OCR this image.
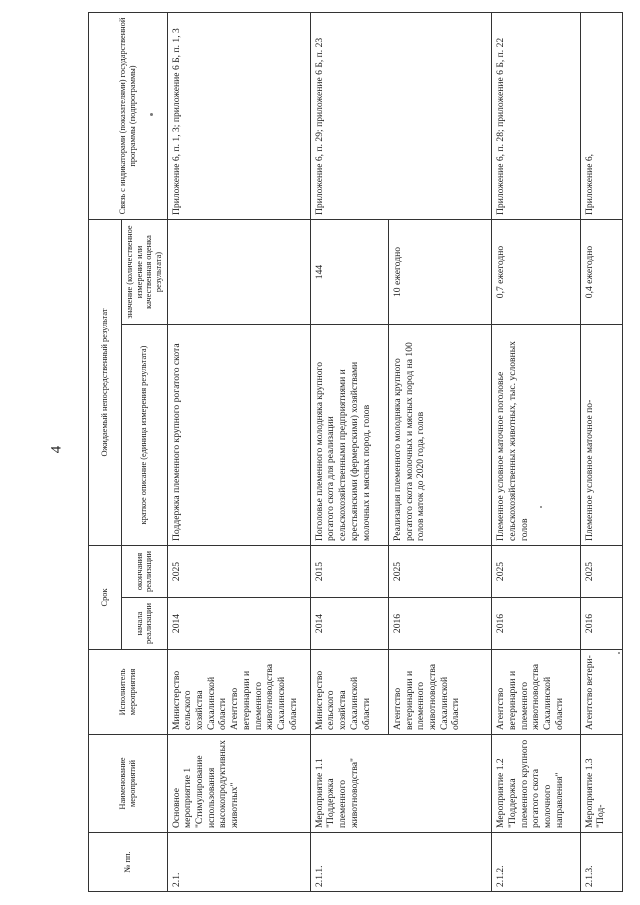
4
№ пп.	Наименование мероприятий	Исполнитель мероприятия	Срок		Ожидаемый непосредственный результат		Связь с индикаторами (показателями) государственной программы (подпрограммы)
			начала реализации	окончания реализации	краткое описание (единица измерения результата)	значение (количественное измерение или качественная оценка результата)	
2.1.	Основное мероприятие 1 "Стимулирование использования высокопродуктивных животных"	Министерство сельского хозяйства Сахалинской области Агентство ветеринарии и племенного животноводства Сахалинской области	2014	2025	Поддержка племенного крупного рогатого скота		Приложение 6, п. 1, 3; приложение 6 Б, п. 1, 3
2.1.1.	Мероприятие 1.1 "Поддержка племенного животноводства"	Министерство сельского хозяйства Сахалинской области	2014	2015	Поголовье племенного молодняка крупного рогатого скота для реализации сельскохозяйственными предприятиями и крестьянскими (фермерскими) хозяйствами молочных и мясных пород, голов	144	Приложение 6, п. 29; приложение 6 Б, п. 23
		Агентство ветеринарии и племенного животноводства Сахалинской области	2016	2025	Реализация племенного молодняка крупного рогатого скота молочных и мясных пород на 100 голов маток до 2020 года, голов	10 ежегодно	
2.1.2.	Мероприятие 1.2 "Поддержка племенного крупного рогатого скота молочного направления"	Агентство ветеринарии и племенного животноводства Сахалинской области	2016	2025	Племенное условное маточное поголовье сельскохозяйственных животных, тыс. условных голов	0,7 ежегодно	Приложение 6, п. 28; приложение 6 Б, п. 22
2.1.3.	Мероприятие 1.3 "Под-	Агентство ветери-	2016	2025	Племенное условное маточное по-	0,4 ежегодно	Приложение 6,
